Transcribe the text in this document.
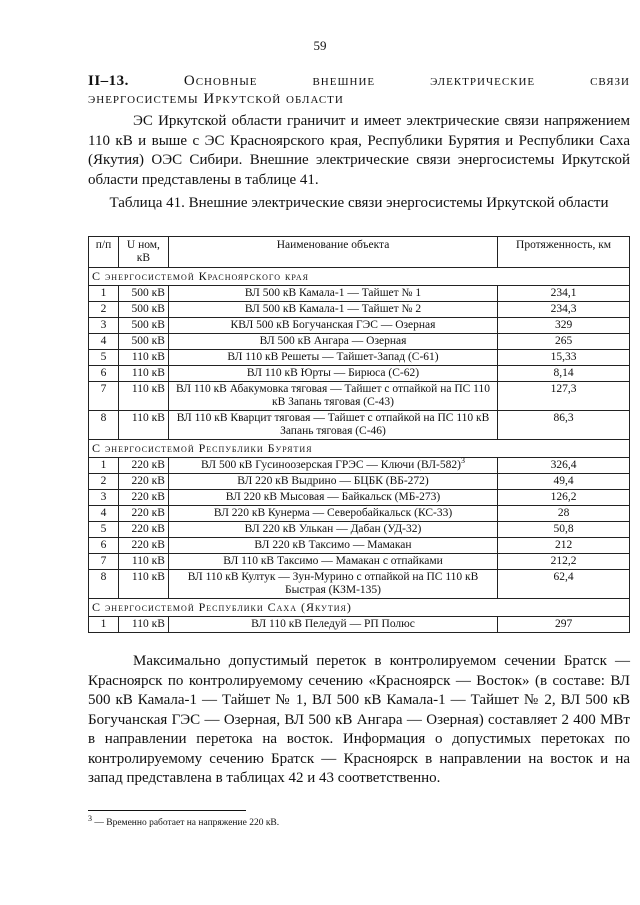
59
II–13.	Основные	внешние	электрические	связи
энергосистемы Иркутской области

ЭС Иркутской области граничит и имеет электрические связи напряжением 110 кВ и выше с ЭС Красноярского края, Республики Бурятия и Республики Саха (Якутия) ОЭС Сибири. Внешние электрические связи энергосистемы Иркутской области представлены в таблице 41.

Таблица 41. Внешние электрические связи энергосистемы Иркутской области
п/п	U ном, кВ	Наименование объекта	Протяженность, км
С энергосистемой Красноярского края			
1	500 кВ	ВЛ 500 кВ Камала-1 — Тайшет № 1	234,1
2	500 кВ	ВЛ 500 кВ Камала-1 — Тайшет № 2	234,3
3	500 кВ	КВЛ 500 кВ Богучанская ГЭС — Озерная	329
4	500 кВ	ВЛ 500 кВ Ангара — Озерная	265
5	110 кВ	ВЛ 110 кВ Решеты — Тайшет-Запад (С-61)	15,33
6	110 кВ	ВЛ 110 кВ Юрты — Бирюса (С-62)	8,14
7	110 кВ	ВЛ 110 кВ Абакумовка тяговая — Тайшет с отпайкой на ПС 110 кВ Запань тяговая (С-43)	127,3
8	110 кВ	ВЛ 110 кВ Кварцит тяговая — Тайшет с отпайкой на ПС 110 кВ Запань тяговая (С-46)	86,3
С энергосистемой Республики Бурятия			
1	220 кВ	ВЛ 500 кВ Гусиноозерская ГРЭС — Ключи $(ВЛ-582)^3$	326,4
2	220 кВ	ВЛ 220 кВ Выдрино — БЦБК (ВБ-272)	49,4
3	220 кВ	ВЛ 220 кВ Мысовая — Байкальск (МБ-273)	126,2
4	220 кВ	ВЛ 220 кВ Кунерма — Северобайкальск (КС-33)	28
5	220 кВ	ВЛ 220 кВ Улькан — Дабан (УД-32)	50,8
6	220 кВ	ВЛ 220 кВ Таксимо — Мамакан	212
7	110 кВ	ВЛ 110 кВ Таксимо — Мамакан с отпайками	212,2
8	110 кВ	ВЛ 110 кВ Култук — Зун-Мурино с отпайкой на ПС 110 кВ Быстрая (КЗМ-135)	62,4
С энергосистемой Республики Саха (Якутия)			
1	110 кВ	ВЛ 110 кВ Пеледуй — РП Полюс	297

Максимально допустимый переток в контролируемом сечении Братск — Красноярск по контролируемому сечению «Красноярск — Восток» (в составе: ВЛ 500 кВ Камала-1 — Тайшет № 1, ВЛ 500 кВ Камала-1 — Тайшет № 2, ВЛ 500 кВ Богучанская ГЭС — Озерная, ВЛ 500 кВ Ангара — Озерная) составляет 2 400 МВт в направлении перетока на восток. Информация о допустимых перетоках по контролируемому сечению Братск — Красноярск в направлении на восток и на запад представлена в таблицах 42 и 43 соответственно.

$^3$ — Временно работает на напряжение 220 кВ.
